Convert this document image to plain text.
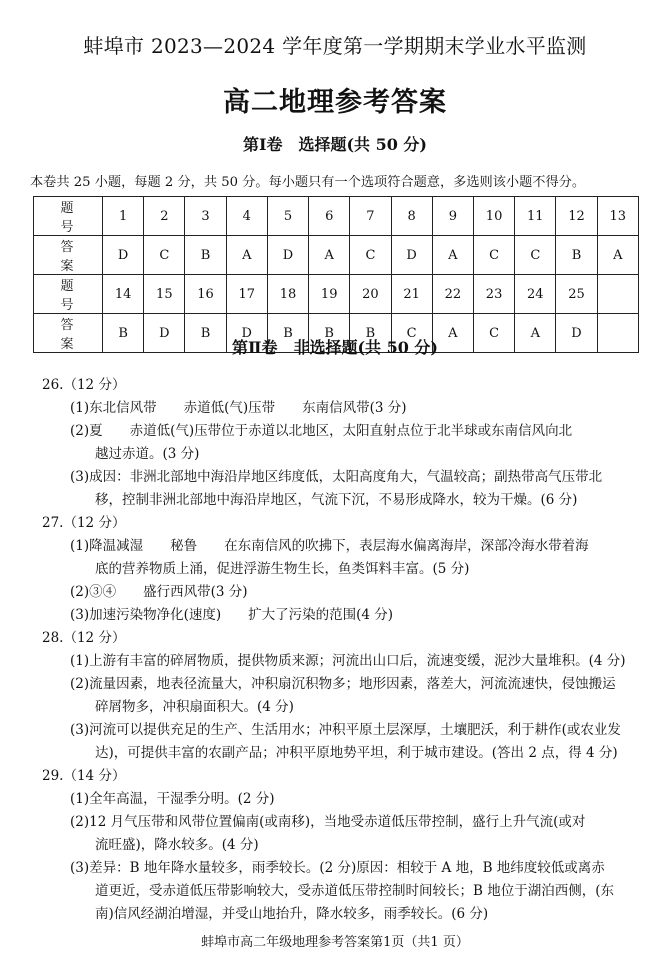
蚌埠市 2023—2024 学年度第一学期期末学业水平监测
高二地理参考答案
第Ⅰ卷　选择题(共 50 分)
本卷共 25 小题，每题 2 分，共 50 分。每小题只有一个选项符合题意，多选则该小题不得分。
题　号	1	2	3	4	5	6	7	8	9	10	11	12	13
答　案	D	C	B	A	D	A	C	D	A	C	C	B	A
题　号	14	15	16	17	18	19	20	21	22	23	24	25	
答　案	B	D	B	D	B	B	B	C	A	C	A	D	
第Ⅱ卷　非选择题(共 50 分)
26.（12 分）
(1)东北信风带　　赤道低(气)压带　　东南信风带(3 分)
(2)夏　　赤道低(气)压带位于赤道以北地区，太阳直射点位于北半球或东南信风向北
越过赤道。(3 分)
(3)成因：非洲北部地中海沿岸地区纬度低，太阳高度角大，气温较高；副热带高气压带北
移，控制非洲北部地中海沿岸地区，气流下沉，不易形成降水，较为干燥。(6 分)
27.（12 分）
(1)降温减湿　　秘鲁　　在东南信风的吹拂下，表层海水偏离海岸，深部冷海水带着海
底的营养物质上涌，促进浮游生物生长，鱼类饵料丰富。(5 分)
(2)③④　　盛行西风带(3 分)
(3)加速污染物净化(速度)　　扩大了污染的范围(4 分)
28.（12 分）
(1)上游有丰富的碎屑物质，提供物质来源；河流出山口后，流速变缓，泥沙大量堆积。(4 分)
(2)流量因素，地表径流量大，冲积扇沉积物多；地形因素，落差大，河流流速快，侵蚀搬运
碎屑物多，冲积扇面积大。(4 分)
(3)河流可以提供充足的生产、生活用水；冲积平原土层深厚，土壤肥沃，利于耕作(或农业发
达)，可提供丰富的农副产品；冲积平原地势平坦，利于城市建设。(答出 2 点，得 4 分)
29.（14 分）
(1)全年高温，干湿季分明。(2 分)
(2)12 月气压带和风带位置偏南(或南移)，当地受赤道低压带控制，盛行上升气流(或对
流旺盛)，降水较多。(4 分)
(3)差异：B 地年降水量较多，雨季较长。(2 分)原因：相较于 A 地，B 地纬度较低或离赤
道更近，受赤道低压带影响较大，受赤道低压带控制时间较长；B 地位于湖泊西侧，(东
南)信风经湖泊增湿，并受山地抬升，降水较多，雨季较长。(6 分)
蚌埠市高二年级地理参考答案第1页（共1 页）
